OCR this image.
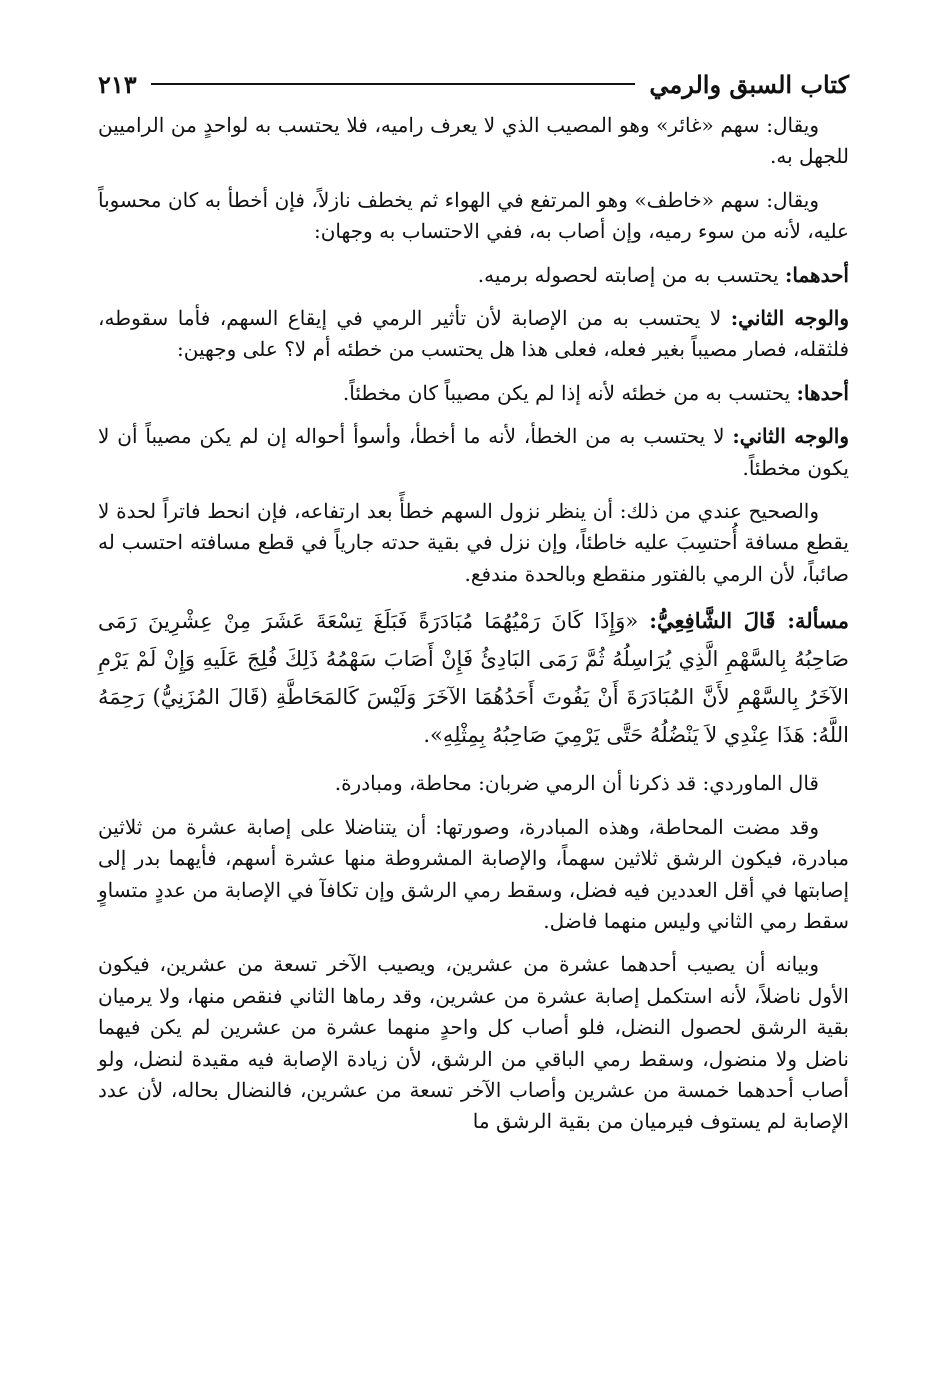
كتاب السبق والرمي
٢١٣

ويقال: سهم «غائر» وهو المصيب الذي لا يعرف راميه، فلا يحتسب به لواحدٍ من الراميين للجهل به.

ويقال: سهم «خاطف» وهو المرتفع في الهواء ثم يخطف نازلاً، فإن أخطأ به كان محسوباً عليه، لأنه من سوء رميه، وإن أصاب به، ففي الاحتساب به وجهان:

أحدهما: يحتسب به من إصابته لحصوله برميه.

والوجه الثاني: لا يحتسب به من الإصابة لأن تأثير الرمي في إيقاع السهم، فأما سقوطه، فلثقله، فصار مصيباً بغير فعله، فعلى هذا هل يحتسب من خطئه أم لا؟ على وجهين:

أحدها: يحتسب به من خطئه لأنه إذا لم يكن مصيباً كان مخطئاً.

والوجه الثاني: لا يحتسب به من الخطأ، لأنه ما أخطأ، وأسوأ أحواله إن لم يكن مصيباً أن لا يكون مخطئاً.

والصحيح عندي من ذلك: أن ينظر نزول السهم خطأً بعد ارتفاعه، فإن انحط فاتراً لحدة لا يقطع مسافة أُحتسِبَ عليه خاطئاً، وإن نزل في بقية حدته جارياً في قطع مسافته احتسب له صائباً، لأن الرمي بالفتور منقطع وبالحدة مندفع.

مسألة: قَالَ الشَّافِعِيُّ: «وَإِذَا كَانَ رَمْيُهُمَا مُبَادَرَةً فَبَلَغَ تِسْعَةَ عَشَرَ مِنْ عِشْرِينَ رَمَى صَاحِبُهُ بِالسَّهْمِ الَّذِي يُرَاسِلُهُ ثُمَّ رَمَى البَادِئُ فَإِنْ أَصَابَ سَهْمُهُ ذَلِكَ فُلِجَ عَلَيهِ وَإِنْ لَمْ يَرْمِ الآخَرُ بِالسَّهْمِ لأَنَّ المُبَادَرَةَ أَنْ يَفُوتَ أَحَدُهُمَا الآخَرَ وَلَيْسَ كَالمَحَاطَّةِ (قَالَ المُزَنِيُّ) رَحِمَهُ اللَّهُ: هَذَا عِنْدِي لاَ يَنْضُلُهُ حَتَّى يَرْمِيَ صَاحِبُهُ بِمِثْلِهِ».

قال الماوردي: قد ذكرنا أن الرمي ضربان: محاطة، ومبادرة.

وقد مضت المحاطة، وهذه المبادرة، وصورتها: أن يتناضلا على إصابة عشرة من ثلاثين مبادرة، فيكون الرشق ثلاثين سهماً، والإصابة المشروطة منها عشرة أسهم، فأيهما بدر إلى إصابتها في أقل العددين فيه فضل، وسقط رمي الرشق وإن تكافآ في الإصابة من عددٍ متساوٍ سقط رمي الثاني وليس منهما فاضل.

وبيانه أن يصيب أحدهما عشرة من عشرين، ويصيب الآخر تسعة من عشرين، فيكون الأول ناضلاً، لأنه استكمل إصابة عشرة من عشرين، وقد رماها الثاني فنقص منها، ولا يرميان بقية الرشق لحصول النضل، فلو أصاب كل واحدٍ منهما عشرة من عشرين لم يكن فيهما ناضل ولا منضول، وسقط رمي الباقي من الرشق، لأن زيادة الإصابة فيه مقيدة لنضل، ولو أصاب أحدهما خمسة من عشرين وأصاب الآخر تسعة من عشرين، فالنضال بحاله، لأن عدد الإصابة لم يستوف فيرميان من بقية الرشق ما
